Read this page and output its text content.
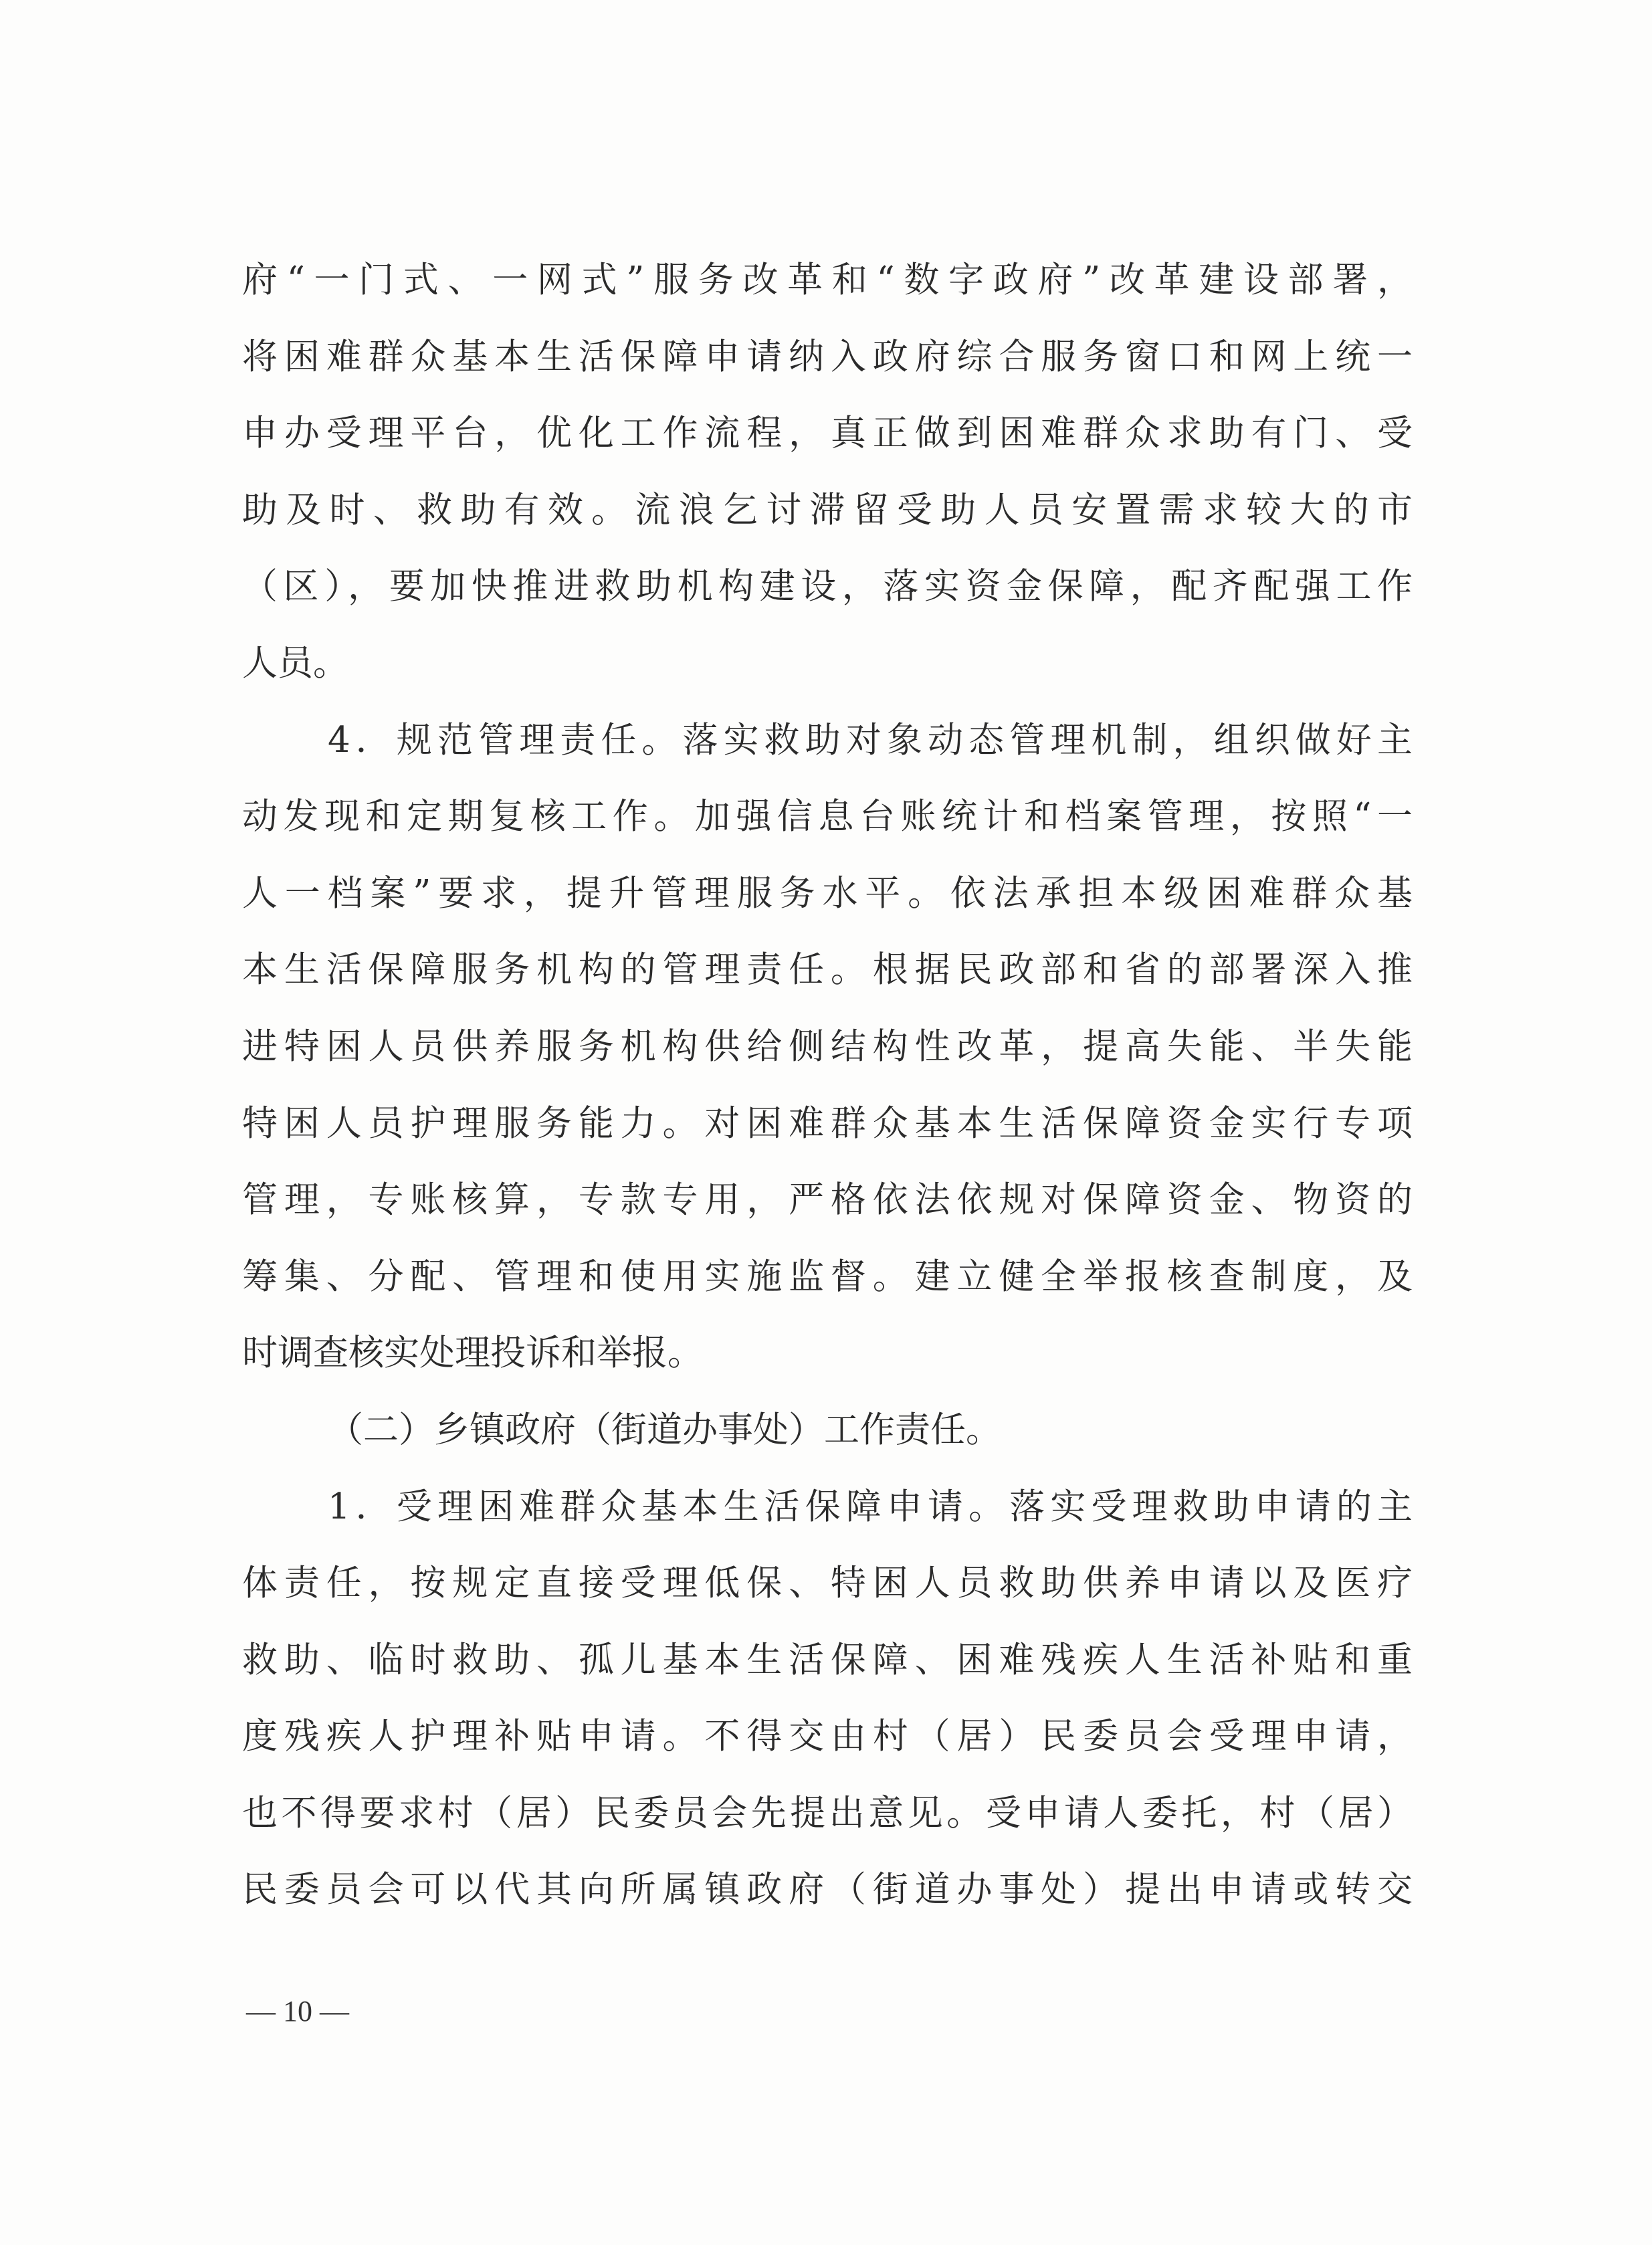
府“一门式、一网式”服务改革和“数字政府”改革建设部署，
将困难群众基本生活保障申请纳入政府综合服务窗口和网上统一
申办受理平台，优化工作流程，真正做到困难群众求助有门、受
助及时、救助有效。流浪乞讨滞留受助人员安置需求较大的市
（区），要加快推进救助机构建设，落实资金保障，配齐配强工作
人员。
4．规范管理责任。落实救助对象动态管理机制，组织做好主
动发现和定期复核工作。加强信息台账统计和档案管理，按照“一
人一档案”要求，提升管理服务水平。依法承担本级困难群众基
本生活保障服务机构的管理责任。根据民政部和省的部署深入推
进特困人员供养服务机构供给侧结构性改革，提高失能、半失能
特困人员护理服务能力。对困难群众基本生活保障资金实行专项
管理，专账核算，专款专用，严格依法依规对保障资金、物资的
筹集、分配、管理和使用实施监督。建立健全举报核查制度，及
时调查核实处理投诉和举报。
（二）乡镇政府（街道办事处）工作责任。
1．受理困难群众基本生活保障申请。落实受理救助申请的主
体责任，按规定直接受理低保、特困人员救助供养申请以及医疗
救助、临时救助、孤儿基本生活保障、困难残疾人生活补贴和重
度残疾人护理补贴申请。不得交由村（居）民委员会受理申请，
也不得要求村（居）民委员会先提出意见。受申请人委托，村（居）
民委员会可以代其向所属镇政府（街道办事处）提出申请或转交
— 10 —
